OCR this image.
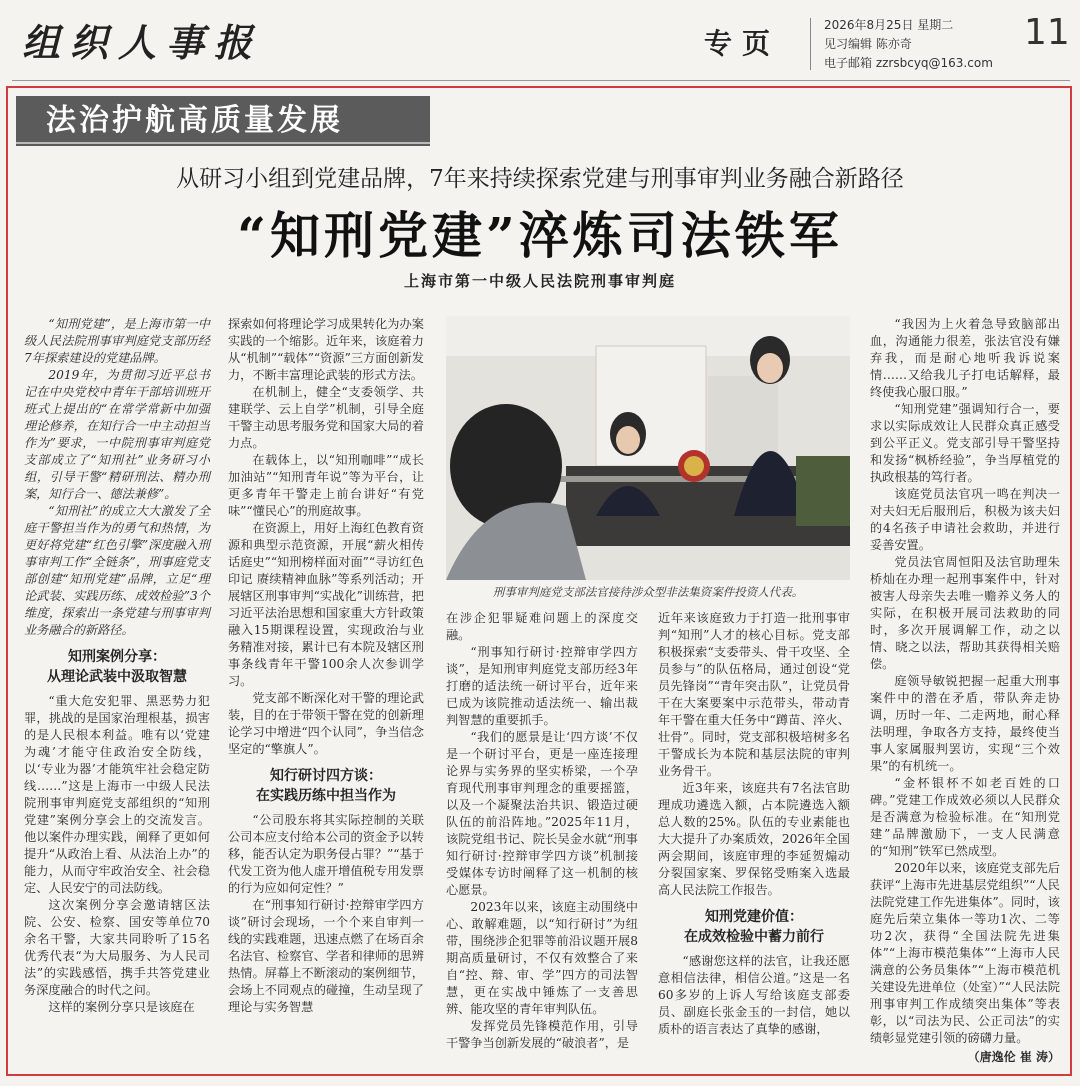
组织人事报	专页
2026年8月25日 星期二
见习编辑 陈亦奇
电子邮箱 zzrsbcyq@163.com
11
法治护航高质量发展
从研习小组到党建品牌，7年来持续探索党建与刑事审判业务融合新路径
“知刑党建”淬炼司法铁军
上海市第一中级人民法院刑事审判庭

“知刑党建”，是上海市第一中级人民法院刑事审判庭党支部历经7年探索建设的党建品牌。

2019年，为贯彻习近平总书记在中央党校中青年干部培训班开班式上提出的“在常学常新中加强理论修养，在知行合一中主动担当作为”要求，一中院刑事审判庭党支部成立了“知刑社”业务研习小组，引导干警“精研刑法、精办刑案，知行合一、德法兼修”。

“知刑社”的成立大大激发了全庭干警担当作为的勇气和热情，为更好将党建“红色引擎”深度融入刑事审判工作“全链条”，刑事庭党支部创建“知刑党建”品牌，立足“理论武装、实践历练、成效检验”3个维度，探索出一条党建与刑事审判业务融合的新路径。

知刑案例分享：
从理论武装中汲取智慧

“重大危安犯罪、黑恶势力犯罪，挑战的是国家治理根基，损害的是人民根本利益。唯有以‘党建为魂’才能守住政治安全防线，以‘专业为器’才能筑牢社会稳定防线……”这是上海市一中级人民法院刑事审判庭党支部组织的“知刑党建”案例分享会上的交流发言。他以案件办理实践，阐释了更如何提升“从政治上看、从法治上办”的能力，从而守牢政治安全、社会稳定、人民安宁的司法防线。

这次案例分享会邀请辖区法院、公安、检察、国安等单位70余名干警，大家共同聆听了15名优秀代表“为大局服务、为人民司法”的实践感悟，携手共答党建业务深度融合的时代之问。

这样的案例分享只是该庭在

探索如何将理论学习成果转化为办案实践的一个缩影。近年来，该庭着力从“机制”“载体”“资源”三方面创新发力，不断丰富理论武装的形式方法。

在机制上，健全“支委领学、共建联学、云上自学”机制，引导全庭干警主动思考服务党和国家大局的着力点。

在载体上，以“知刑咖啡”“成长加油站”“知刑青年说”等为平台，让更多青年干警走上前台讲好“有党味”“懂民心”的刑庭故事。

在资源上，用好上海红色教育资源和典型示范资源，开展“薪火相传话庭史”“知刑榜样面对面”“寻访红色印记 赓续精神血脉”等系列活动；开展辖区刑事审判“实战化”训练营，把习近平法治思想和国家重大方针政策融入15期课程设置，实现政治与业务精准对接，累计已有本院及辖区刑事条线青年干警100余人次参训学习。

党支部不断深化对干警的理论武装，目的在于带领干警在党的创新理论学习中增进“四个认同”，争当信念坚定的“擎旗人”。

知行研讨四方谈：
在实践历练中担当作为

“公司股东将其实际控制的关联公司本应支付给本公司的资金予以转移，能否认定为职务侵占罪？”“基于代发工资为他人虚开增值税专用发票的行为应如何定性？”

在“刑事知行研讨·控辩审学四方谈”研讨会现场，一个个来自审判一线的实践难题，迅速点燃了在场百余名法官、检察官、学者和律师的思辨热情。屏幕上不断滚动的案例细节，会场上不同观点的碰撞，生动呈现了理论与实务智慧

刑事审判庭党支部法官接待涉众型非法集资案件投资人代表。

在涉企犯罪疑难问题上的深度交融。

“刑事知行研讨·控辩审学四方谈”，是知刑审判庭党支部历经3年打磨的适法统一研讨平台，近年来已成为该院推动适法统一、输出裁判智慧的重要抓手。

“我们的愿景是让‘四方谈’不仅是一个研讨平台，更是一座连接理论界与实务界的坚实桥梁，一个孕育现代刑事审判理念的重要摇篮，以及一个凝聚法治共识、锻造过硬队伍的前沿阵地。”2025年11月，该院党组书记、院长吴金水就“刑事知行研讨·控辩审学四方谈”机制接受媒体专访时阐释了这一机制的核心愿景。

2023年以来，该庭主动围绕中心、敢解难题，以“知行研讨”为纽带，围绕涉企犯罪等前沿议题开展8期高质量研讨，不仅有效整合了来自“控、辩、审、学”四方的司法智慧，更在实战中锤炼了一支善思辨、能攻坚的青年审判队伍。

发挥党员先锋模范作用，引导干警争当创新发展的“破浪者”，是

近年来该庭致力于打造一批刑事审判“知刑”人才的核心目标。党支部积极探索“支委带头、骨干攻坚、全员参与”的队伍格局，通过创设“党员先锋岗”“青年突击队”，让党员骨干在大案要案中示范带头，带动青年干警在重大任务中“蹲苗、淬火、壮骨”。同时，党支部积极培树多名干警成长为本院和基层法院的审判业务骨干。

近3年来，该庭共有7名法官助理成功遴选入额，占本院遴选入额总人数的25%。队伍的专业素能也大大提升了办案质效，2026年全国两会期间，该庭审理的李延贺煽动分裂国家案、罗保铭受贿案入选最高人民法院工作报告。

知刑党建价值：
在成效检验中蓄力前行

“感谢您这样的法官，让我还愿意相信法律，相信公道。”这是一名60多岁的上诉人写给该庭支部委员、副庭长张金玉的一封信，她以质朴的语言表达了真挚的感谢，

“我因为上火着急导致脑部出血，沟通能力很差，张法官没有嫌弃我，而是耐心地听我诉说案情……又给我儿子打电话解释，最终使我心服口服。”

“知刑党建”强调知行合一，要求以实际成效让人民群众真正感受到公平正义。党支部引导干警坚持和发扬“枫桥经验”，争当厚植党的执政根基的笃行者。

该庭党员法官巩一鸣在判决一对夫妇无后服刑后，积极为该夫妇的4名孩子申请社会救助，并进行妥善安置。

党员法官周恒阳及法官助理朱桥灿在办理一起刑事案件中，针对被害人母亲失去唯一赡养义务人的实际，在积极开展司法救助的同时，多次开展调解工作，动之以情、晓之以法，帮助其获得相关赔偿。

庭领导敏锐把握一起重大刑事案件中的潜在矛盾，带队奔走协调，历时一年、二走两地，耐心释法明理，争取各方支持，最终使当事人家属服判罢访，实现“三个效果”的有机统一。

“金杯银杯不如老百姓的口碑。”党建工作成效必须以人民群众是否满意为检验标准。在“知刑党建”品牌激励下，一支人民满意的“知刑”铁军已然成型。

2020年以来，该庭党支部先后获评“上海市先进基层党组织”“人民法院党建工作先进集体”。同时，该庭先后荣立集体一等功1次、二等功2次，获得“全国法院先进集体”“上海市模范集体”“上海市人民满意的公务员集体”“上海市模范机关建设先进单位（处室）”“人民法院刑事审判工作成绩突出集体”等表彰，以“司法为民、公正司法”的实绩彰显党建引领的磅礴力量。

（唐逸伦 崔 涛）
